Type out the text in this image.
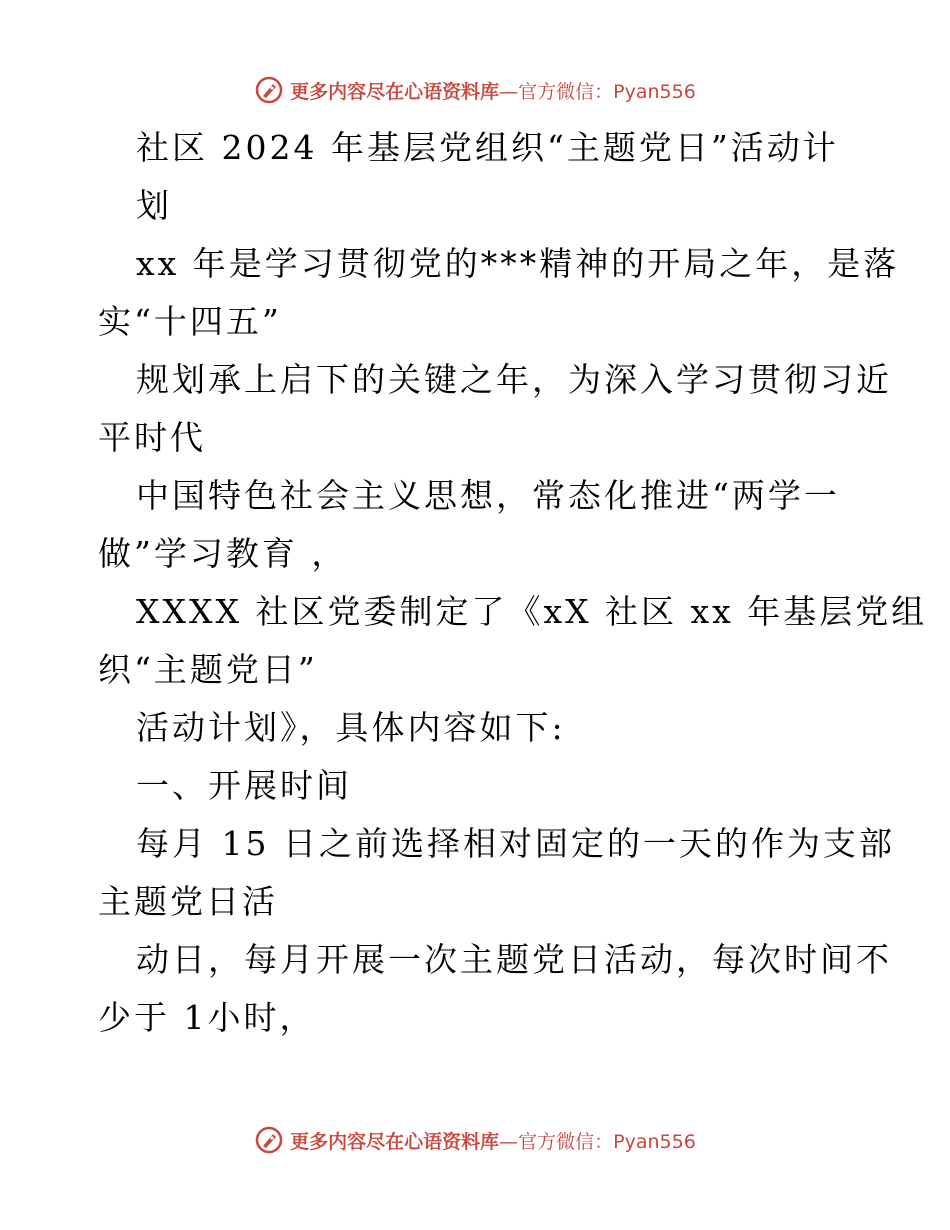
更多内容尽在心语资料库—官方微信：Pyan556
社区 2024 年基层党组织“主题党日”活动计
划
xx 年是学习贯彻党的***精神的开局之年，是落
实“十四五”
规划承上启下的关键之年，为深入学习贯彻习近
平时代
中国特色社会主义思想，常态化推进“两学一
做”学习教育 ，
XXXX 社区党委制定了《xX 社区 xx 年基层党组
织“主题党日”
活动计划》，具体内容如下:
一、开展时间
每月 15 日之前选择相对固定的一天的作为支部
主题党日活
动日，每月开展一次主题党日活动，每次时间不
少于 1小时，
更多内容尽在心语资料库—官方微信：Pyan556
